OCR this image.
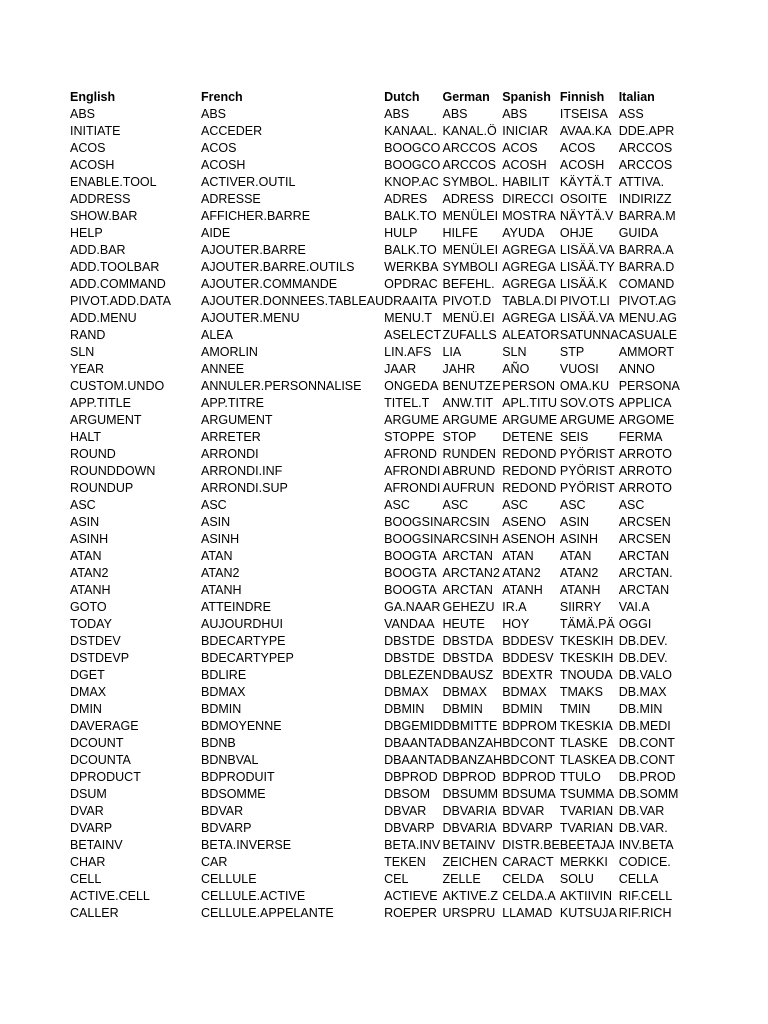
English	French	Dutch	German	Spanish	Finnish	Italian
ABS	ABS	ABS	ABS	ABS	ITSEISA	ASS
INITIATE	ACCEDER	KANAAL.	KANAL.Ö	INICIAR	AVAA.KA	DDE.APR
ACOS	ACOS	BOOGCO	ARCCOS	ACOS	ACOS	ARCCOS
ACOSH	ACOSH	BOOGCO	ARCCOS	ACOSH	ACOSH	ARCCOS
ENABLE.TOOL	ACTIVER.OUTIL	KNOP.AC	SYMBOL.	HABILIT	KÄYTÄ.T	ATTIVA.
ADDRESS	ADRESSE	ADRES	ADRESS	DIRECCI	OSOITE	INDIRIZZ
SHOW.BAR	AFFICHER.BARRE	BALK.TO	MENÜLEI	MOSTRA	NÄYTÄ.V	BARRA.M
HELP	AIDE	HULP	HILFE	AYUDA	OHJE	GUIDA
ADD.BAR	AJOUTER.BARRE	BALK.TO	MENÜLEI	AGREGA	LISÄÄ.VA	BARRA.A
ADD.TOOLBAR	AJOUTER.BARRE.OUTILS	WERKBA	SYMBOLI	AGREGA	LISÄÄ.TY	BARRA.D
ADD.COMMAND	AJOUTER.COMMANDE	OPDRAC	BEFEHL.	AGREGA	LISÄÄ.K	COMAND
PIVOT.ADD.DATA	AJOUTER.DONNEES.TABLEAU	DRAAITA	PIVOT.D	TABLA.DI	PIVOT.LI	PIVOT.AG
ADD.MENU	AJOUTER.MENU	MENU.T	MENÜ.EI	AGREGA	LISÄÄ.VA	MENU.AG
RAND	ALEA	ASELECT	ZUFALLS	ALEATOR	SATUNNA	CASUALE
SLN	AMORLIN	LIN.AFS	LIA	SLN	STP	AMMORT
YEAR	ANNEE	JAAR	JAHR	AÑO	VUOSI	ANNO
CUSTOM.UNDO	ANNULER.PERSONNALISE	ONGEDA	BENUTZE	PERSON	OMA.KU	PERSONA
APP.TITLE	APP.TITRE	TITEL.T	ANW.TIT	APL.TITU	SOV.OTS	APPLICA
ARGUMENT	ARGUMENT	ARGUME	ARGUME	ARGUME	ARGUME	ARGOME
HALT	ARRETER	STOPPE	STOP	DETENE	SEIS	FERMA
ROUND	ARRONDI	AFROND	RUNDEN	REDOND	PYÖRIST	ARROTO
ROUNDDOWN	ARRONDI.INF	AFRONDI	ABRUND	REDOND	PYÖRIST	ARROTO
ROUNDUP	ARRONDI.SUP	AFRONDI	AUFRUN	REDOND	PYÖRIST	ARROTO
ASC	ASC	ASC	ASC	ASC	ASC	ASC
ASIN	ASIN	BOOGSIN	ARCSIN	ASENO	ASIN	ARCSEN
ASINH	ASINH	BOOGSIN	ARCSINH	ASENOH	ASINH	ARCSEN
ATAN	ATAN	BOOGTA	ARCTAN	ATAN	ATAN	ARCTAN
ATAN2	ATAN2	BOOGTA	ARCTAN2	ATAN2	ATAN2	ARCTAN.
ATANH	ATANH	BOOGTA	ARCTAN	ATANH	ATANH	ARCTAN
GOTO	ATTEINDRE	GA.NAAR	GEHEZU	IR.A	SIIRRY	VAI.A
TODAY	AUJOURDHUI	VANDAA	HEUTE	HOY	TÄMÄ.PÄ	OGGI
DSTDEV	BDECARTYPE	DBSTDE	DBSTDA	BDDESV	TKESKIH	DB.DEV.
DSTDEVP	BDECARTYPEP	DBSTDE	DBSTDA	BDDESV	TKESKIH	DB.DEV.
DGET	BDLIRE	DBLEZEN	DBAUSZ	BDEXTR	TNOUDA	DB.VALO
DMAX	BDMAX	DBMAX	DBMAX	BDMAX	TMAKS	DB.MAX
DMIN	BDMIN	DBMIN	DBMIN	BDMIN	TMIN	DB.MIN
DAVERAGE	BDMOYENNE	DBGEMID	DBMITTE	BDPROM	TKESKIA	DB.MEDI
DCOUNT	BDNB	DBAANTA	DBANZAH	BDCONT	TLASKE	DB.CONT
DCOUNTA	BDNBVAL	DBAANTA	DBANZAH	BDCONT	TLASKEA	DB.CONT
DPRODUCT	BDPRODUIT	DBPROD	DBPROD	BDPROD	TTULO	DB.PROD
DSUM	BDSOMME	DBSOM	DBSUMM	BDSUMA	TSUMMA	DB.SOMM
DVAR	BDVAR	DBVAR	DBVARIA	BDVAR	TVARIAN	DB.VAR
DVARP	BDVARP	DBVARP	DBVARIA	BDVARP	TVARIAN	DB.VAR.
BETAINV	BETA.INVERSE	BETA.INV	BETAINV	DISTR.BE	BEETAJA	INV.BETA
CHAR	CAR	TEKEN	ZEICHEN	CARACT	MERKKI	CODICE.
CELL	CELLULE	CEL	ZELLE	CELDA	SOLU	CELLA
ACTIVE.CELL	CELLULE.ACTIVE	ACTIEVE	AKTIVE.Z	CELDA.A	AKTIIVIN	RIF.CELL
CALLER	CELLULE.APPELANTE	ROEPER	URSPRU	LLAMAD	KUTSUJA	RIF.RICH
